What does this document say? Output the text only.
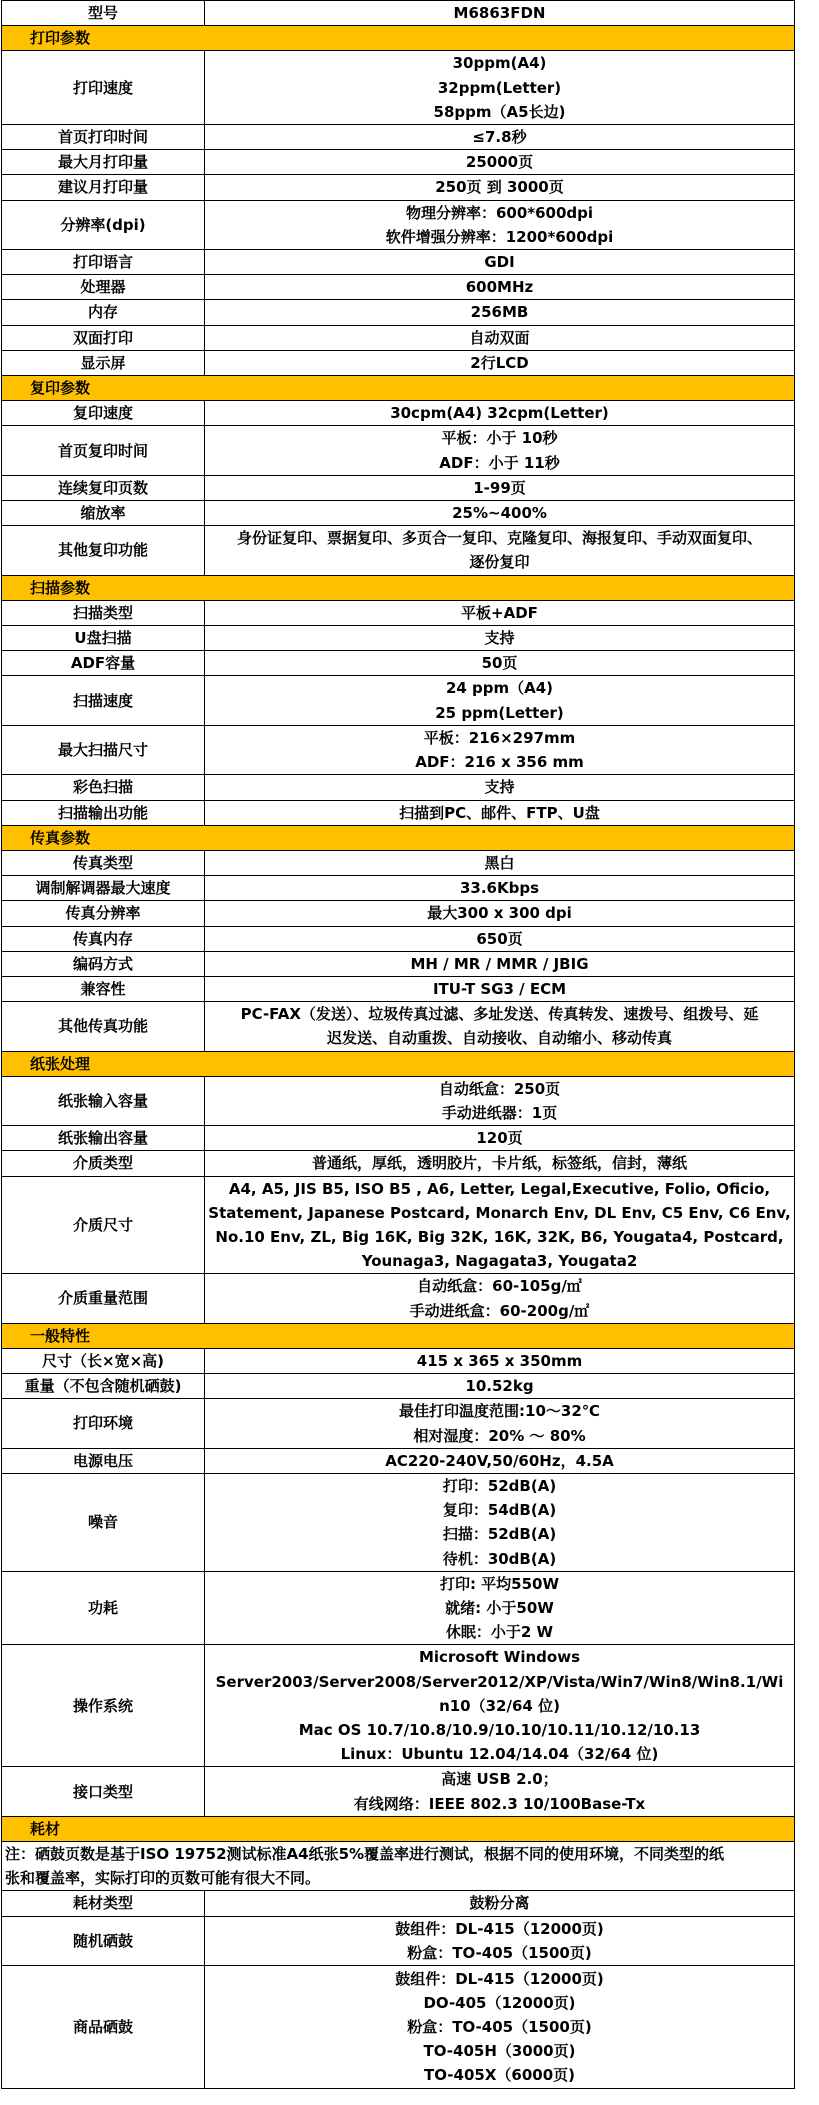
型号	M6863FDN

打印参数	
打印速度	30ppm(A4)
32ppm(Letter)
58ppm（A5长边)

首页打印时间	≤7.8秒

最大月打印量	25000页

建议月打印量	250页 到 3000页

分辨率(dpi)	物理分辨率：600*600dpi
软件增强分辨率：1200*600dpi

打印语言	GDI

处理器	600MHz

内存	256MB

双面打印	自动双面

显示屏	2行LCD

复印参数	
复印速度	30cpm(A4) 32cpm(Letter)

首页复印时间	平板：小于 10秒
ADF：小于 11秒

连续复印页数	1-99页

缩放率	25%~400%

其他复印功能	身份证复印、票据复印、多页合一复印、克隆复印、海报复印、手动双面复印、
逐份复印

扫描参数	
扫描类型	平板+ADF

U盘扫描	支持

ADF容量	50页

扫描速度	24 ppm（A4)
25 ppm(Letter)

最大扫描尺寸	平板：216×297mm
ADF：216 x 356 mm

彩色扫描	支持

扫描输出功能	扫描到PC、邮件、FTP、U盘

传真参数	
传真类型	黑白

调制解调器最大速度	33.6Kbps

传真分辨率	最大300 x 300 dpi

传真内存	650页

编码方式	MH / MR / MMR / JBIG

兼容性	ITU-T SG3 / ECM

其他传真功能	PC-FAX（发送）、垃圾传真过滤、多址发送、传真转发、速拨号、组拨号、延
迟发送、自动重拨、自动接收、自动缩小、移动传真

纸张处理	
纸张输入容量	自动纸盒：250页
手动进纸器：1页

纸张输出容量	120页

介质类型	普通纸，厚纸，透明胶片，卡片纸，标签纸，信封，薄纸

介质尺寸	A4, A5, JIS B5, ISO B5 , A6, Letter, Legal,Executive, Folio, Oficio,
Statement, Japanese Postcard, Monarch Env, DL Env, C5 Env, C6 Env,
No.10 Env, ZL, Big 16K, Big 32K, 16K, 32K, B6, Yougata4, Postcard,
Younaga3, Nagagata3, Yougata2

介质重量范围	自动纸盒：60-105g/㎡
手动进纸盒：60-200g/㎡

一般特性	
尺寸（长×宽×高)	415 x 365 x 350mm

重量（不包含随机硒鼓)	10.52kg

打印环境	最佳打印温度范围:10～32℃
相对湿度：20% ～ 80%

电源电压	AC220-240V,50/60Hz，4.5A

噪音	打印：52dB(A)
复印：54dB(A)
扫描：52dB(A)
待机：30dB(A)

功耗	打印: 平均550W
就绪: 小于50W
休眠：小于2 W

操作系统	Microsoft Windows
Server2003/Server2008/Server2012/XP/Vista/Win7/Win8/Win8.1/Wi
n10（32/64 位)
Mac OS 10.7/10.8/10.9/10.10/10.11/10.12/10.13
Linux：Ubuntu 12.04/14.04（32/64 位)

接口类型	高速 USB 2.0；
有线网络：IEEE 802.3 10/100Base-Tx

耗材	

注：硒鼓页数是基于ISO 19752测试标准A4纸张5%覆盖率进行测试，根据不同的使用环境，不同类型的纸
张和覆盖率，实际打印的页数可能有很大不同。	

耗材类型	鼓粉分离

随机硒鼓	鼓组件：DL-415（12000页)
粉盒：TO-405（1500页)

商品硒鼓	鼓组件：DL-415（12000页)
DO-405（12000页)
粉盒：TO-405（1500页)
TO-405H（3000页)
TO-405X（6000页)
